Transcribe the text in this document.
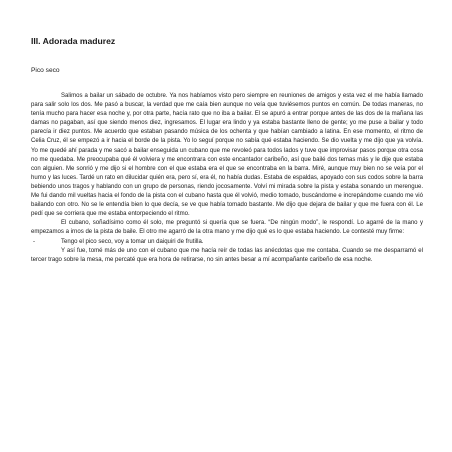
III. Adorada madurez
Pico seco

Salimos a bailar un sábado de octubre. Ya nos habíamos visto pero siempre en reuniones de amigos y esta vez el me había llamado para salir solo los dos. Me pasó a buscar, la verdad que me caía bien aunque no veía que tuviésemos puntos en común. De todas maneras, no tenía mucho para hacer esa noche y, por otra parte, hacía rato que no iba a bailar. El se apuró a entrar porque antes de las dos de la mañana las damas no pagaban, así que siendo menos diez, ingresamos. El lugar era lindo y ya estaba bastante lleno de gente; yo me puse a bailar y todo parecía ir diez puntos. Me acuerdo que estaban pasando música de los ochenta y que habían cambiado a latina. En ese momento, el ritmo de Celia Cruz, él se empezó a ir hacia el borde de la pista. Yo lo seguí porque no sabía qué estaba haciendo. Se dio vuelta y me dijo que ya volvía. Yo me quedé ahí parada y me sacó a bailar enseguida un cubano que me revoleó para todos lados y tuve que improvisar pasos porque otra cosa no me quedaba. Me preocupaba qué él volviera y me encontrara con este encantador caribeño, así que bailé dos temas más y le dije que estaba con alguien. Me sonrió y me dijo si el hombre con el que estaba era el que se encontraba en la barra. Miré, aunque muy bien no se veía por el humo y las luces. Tardé un rato en dilucidar quién era, pero sí, era él, no había dudas. Estaba de espaldas, apoyado con sus codos sobre la barra bebiendo unos tragos y hablando con un grupo de personas, riendo jocosamente. Volví mi mirada sobre la pista y estaba sonando un merengue. Me fui dando mil vueltas hacia el fondo de la pista con el cubano hasta que él volvió, medio tomado, buscándome e increpándome cuando me vió bailando con otro. No se le entendía bien lo que decía, se ve que había tomado bastante. Me dijo que dejara de bailar y que me fuera con él. Le pedí que se corriera que me estaba entorpeciendo el ritmo.

El cubano, soñadísimo como él solo, me preguntó si quería que se fuera. “De ningún modo”, le respondí. Lo agarré de la mano y empezamos a irnos de la pista de baile. El otro me agarró de la otra mano y me dijo qué es lo que estaba haciendo. Le contesté muy firme:

-	Tengo el pico seco, voy a tomar un daiquiri de frutilla.

Y así fue, tomé más de uno con el cubano que me hacía reír de todas las anécdotas que me contaba. Cuando se me desparramó el tercer trago sobre la mesa, me percaté que era hora de retirarse, no sin antes besar a mí acompañante caribeño de esa noche.
